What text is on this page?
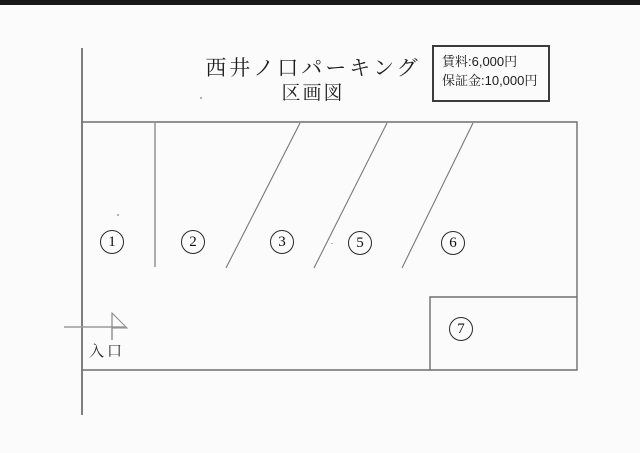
西井ノ口パーキング
区画図
賃料:6,000円
保証金:10,000円
1	2	3	5	6
7
入口
